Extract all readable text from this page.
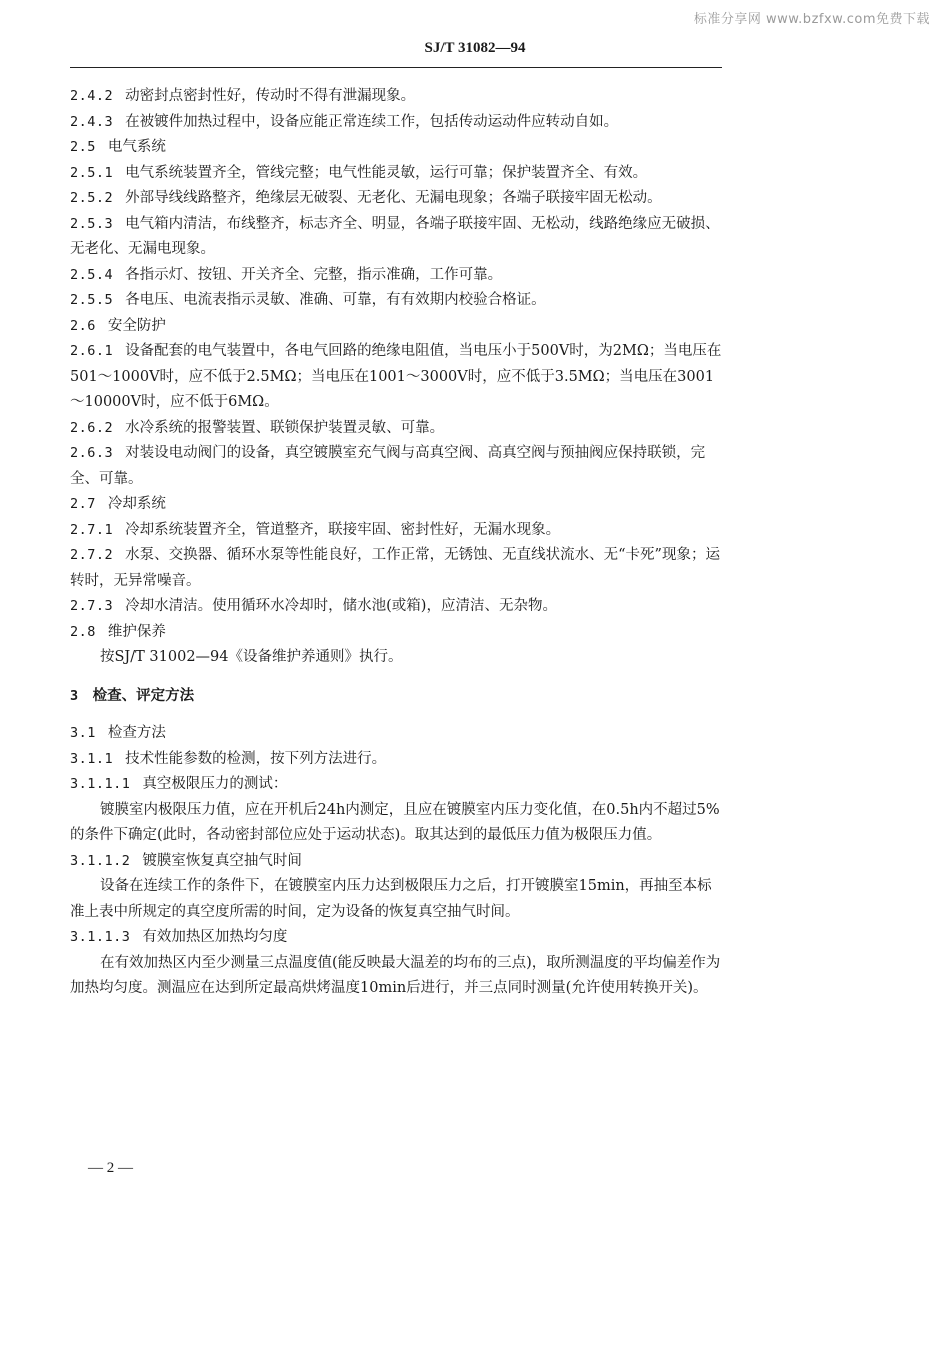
标准分享网 www.bzfxw.com免费下载
SJ/T 31082—94
2.4.2 动密封点密封性好，传动时不得有泄漏现象。
2.4.3 在被镀件加热过程中，设备应能正常连续工作，包括传动运动件应转动自如。
2.5 电气系统
2.5.1 电气系统装置齐全，管线完整；电气性能灵敏，运行可靠；保护装置齐全、有效。
2.5.2 外部导线线路整齐，绝缘层无破裂、无老化、无漏电现象；各端子联接牢固无松动。
2.5.3 电气箱内清洁，布线整齐，标志齐全、明显，各端子联接牢固、无松动，线路绝缘应无破损、无老化、无漏电现象。
2.5.4 各指示灯、按钮、开关齐全、完整，指示准确，工作可靠。
2.5.5 各电压、电流表指示灵敏、准确、可靠，有有效期内校验合格证。
2.6 安全防护
2.6.1 设备配套的电气装置中，各电气回路的绝缘电阻值，当电压小于500V时，为2MΩ；当电压在501～1000V时，应不低于2.5MΩ；当电压在1001～3000V时，应不低于3.5MΩ；当电压在3001～10000V时，应不低于6MΩ。
2.6.2 水冷系统的报警装置、联锁保护装置灵敏、可靠。
2.6.3 对装设电动阀门的设备，真空镀膜室充气阀与高真空阀、高真空阀与预抽阀应保持联锁，完全、可靠。
2.7 冷却系统
2.7.1 冷却系统装置齐全，管道整齐，联接牢固、密封性好，无漏水现象。
2.7.2 水泵、交换器、循环水泵等性能良好，工作正常，无锈蚀、无直线状流水、无“卡死”现象；运转时，无异常噪音。
2.7.3 冷却水清洁。使用循环水冷却时，储水池(或箱)，应清洁、无杂物。
2.8 维护保养
按SJ/T 31002—94《设备维护养通则》执行。
3 检查、评定方法
3.1 检查方法
3.1.1 技术性能参数的检测，按下列方法进行。
3.1.1.1 真空极限压力的测试：
镀膜室内极限压力值，应在开机后24h内测定，且应在镀膜室内压力变化值，在0.5h内不超过5%的条件下确定(此时，各动密封部位应处于运动状态)。取其达到的最低压力值为极限压力值。
3.1.1.2 镀膜室恢复真空抽气时间
设备在连续工作的条件下，在镀膜室内压力达到极限压力之后，打开镀膜室15min，再抽至本标准上表中所规定的真空度所需的时间，定为设备的恢复真空抽气时间。
3.1.1.3 有效加热区加热均匀度
在有效加热区内至少测量三点温度值(能反映最大温差的均布的三点)，取所测温度的平均偏差作为加热均匀度。测温应在达到所定最高烘烤温度10min后进行，并三点同时测量(允许使用转换开关)。
— 2 —
